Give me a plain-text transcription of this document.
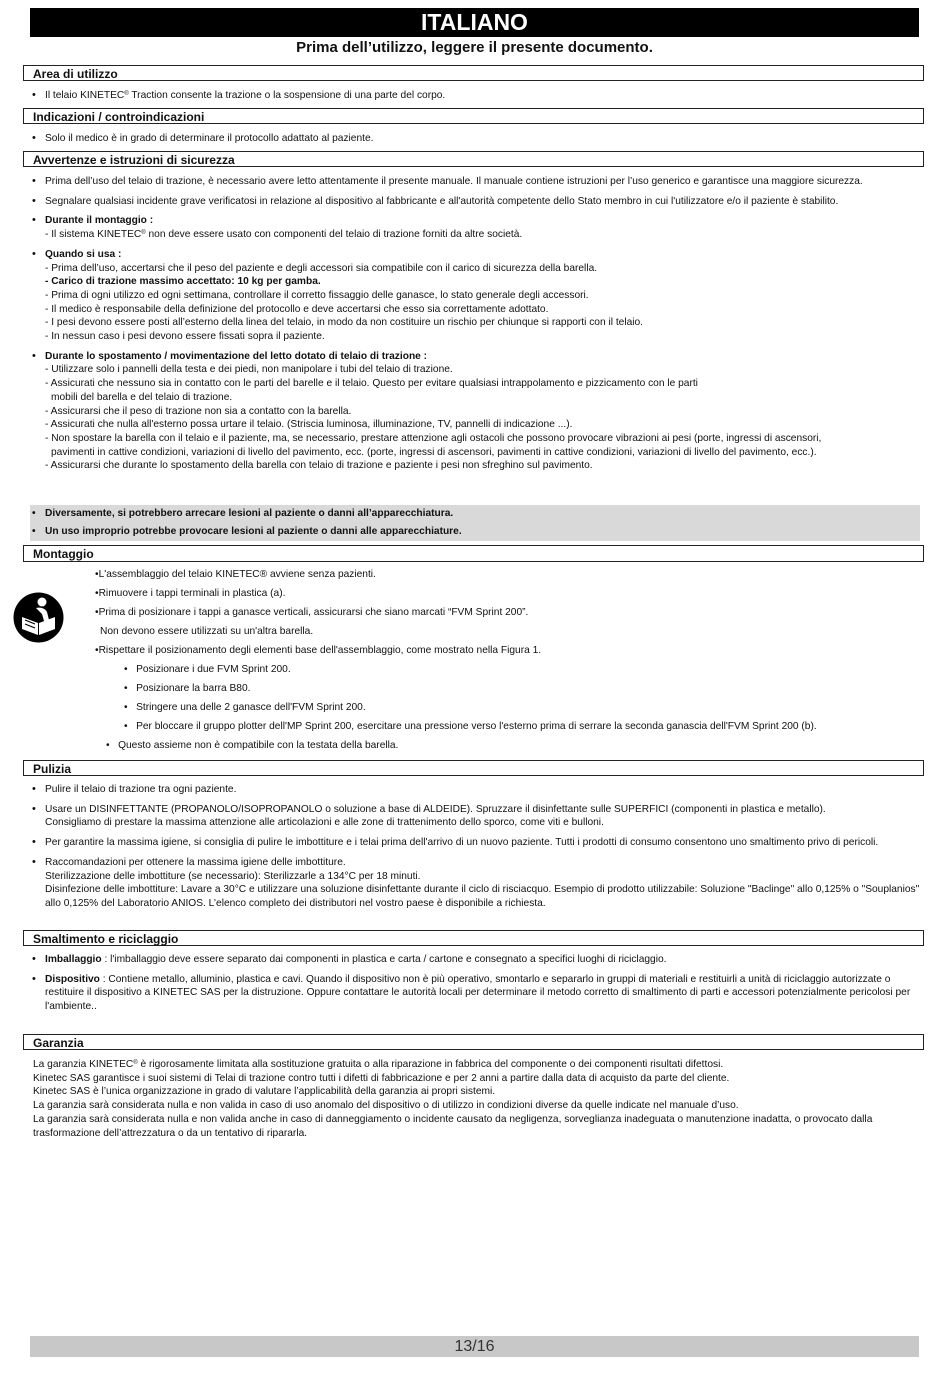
ITALIANO
Prima dell’utilizzo, leggere il presente documento.
Area di utilizzo
• Il telaio KINETEC® Traction consente la trazione o la sospensione di una parte del corpo.
Indicazioni / controindicazioni
• Solo il medico è in grado di determinare il protocollo adattato al paziente.
Avvertenze e istruzioni di sicurezza
• Prima dell’uso del telaio di trazione, è necessario avere letto attentamente il presente manuale. Il manuale contiene istruzioni per l’uso generico e garantisce una maggiore sicurezza.
• Segnalare qualsiasi incidente grave verificatosi in relazione al dispositivo al fabbricante e all'autorità competente dello Stato membro in cui l'utilizzatore e/o il paziente è stabilito.
• Durante il montaggio :
- Il sistema KINETEC® non deve essere usato con componenti del telaio di trazione forniti da altre società.
• Quando si usa :
- Prima dell’uso, accertarsi che il peso del paziente e degli accessori sia compatibile con il carico di sicurezza della barella.
- Carico di trazione massimo accettato: 10 kg per gamba.
- Prima di ogni utilizzo ed ogni settimana, controllare il corretto fissaggio delle ganasce, lo stato generale degli accessori.
- Il medico è responsabile della definizione del protocollo e deve accertarsi che esso sia correttamente adottato.
- I pesi devono essere posti all’esterno della linea del telaio, in modo da non costituire un rischio per chiunque si rapporti con il telaio.
- In nessun caso i pesi devono essere fissati sopra il paziente.
• Durante lo spostamento / movimentazione del letto dotato di telaio di trazione :
- Utilizzare solo i pannelli della testa e dei piedi, non manipolare i tubi del telaio di trazione.
- Assicurati che nessuno sia in contatto con le parti del barelle e il telaio. Questo per evitare qualsiasi intrappolamento e pizzicamento con le parti
mobili del barella e del telaio di trazione.
- Assicurarsi che il peso di trazione non sia a contatto con la barella.
- Assicurati che nulla all'esterno possa urtare il telaio. (Striscia luminosa, illuminazione, TV, pannelli di indicazione ...).
- Non spostare la barella con il telaio e il paziente, ma, se necessario, prestare attenzione agli ostacoli che possono provocare vibrazioni ai pesi (porte, ingressi di ascensori,
pavimenti in cattive condizioni, variazioni di livello del pavimento, ecc. (porte, ingressi di ascensori, pavimenti in cattive condizioni, variazioni di livello del pavimento, ecc.).
- Assicurarsi che durante lo spostamento della barella con telaio di trazione e paziente i pesi non sfreghino sul pavimento.
• Diversamente, si potrebbero arrecare lesioni al paziente o danni all’apparecchiatura.
• Un uso improprio potrebbe provocare lesioni al paziente o danni alle apparecchiature.
Montaggio
•L'assemblaggio del telaio KINETEC® avviene senza pazienti.
•Rimuovere i tappi terminali in plastica (a).
•Prima di posizionare i tappi a ganasce verticali, assicurarsi che siano marcati “FVM Sprint 200”.
Non devono essere utilizzati su un'altra barella.
•Rispettare il posizionamento degli elementi base dell'assemblaggio, come mostrato nella Figura 1.
•   Posizionare i due FVM Sprint 200.
•   Posizionare la barra B80.
•   Stringere una delle 2 ganasce dell'FVM Sprint 200.
•   Per bloccare il gruppo plotter dell'MP Sprint 200, esercitare una pressione verso l'esterno prima di serrare la seconda ganascia dell'FVM Sprint 200 (b).
•   Questo assieme non è compatibile con la testata della barella.
Pulizia
• Pulire il telaio di trazione tra ogni paziente.
• Usare un DISINFETTANTE (PROPANOLO/ISOPROPANOLO o soluzione a base di ALDEIDE). Spruzzare il disinfettante sulle SUPERFICI (componenti in plastica e metallo).
Consigliamo di prestare la massima attenzione alle articolazioni e alle zone di trattenimento dello sporco, come viti e bulloni.
• Per garantire la massima igiene, si consiglia di pulire le imbottiture e i telai prima dell'arrivo di un nuovo paziente. Tutti i prodotti di consumo consentono uno smaltimento privo di pericoli.
• Raccomandazioni per ottenere la massima igiene delle imbottiture.
Sterilizzazione delle imbottiture (se necessario): Sterilizzarle a 134°C per 18 minuti.
Disinfezione delle imbottiture: Lavare a 30°C e utilizzare una soluzione disinfettante durante il ciclo di risciacquo. Esempio di prodotto utilizzabile: Soluzione "Baclinge" allo 0,125% o "Souplanios" allo 0,125% del Laboratorio ANIOS. L’elenco completo dei distributori nel vostro paese è disponibile a richiesta.
Smaltimento e riciclaggio
• Imballaggio : l'imballaggio deve essere separato dai componenti in plastica e carta / cartone e consegnato a specifici luoghi di riciclaggio.
• Dispositivo : Contiene metallo, alluminio, plastica e cavi. Quando il dispositivo non è più operativo, smontarlo e separarlo in gruppi di materiali e restituirli a unità di riciclaggio autorizzate o restituire il dispositivo a KINETEC SAS per la distruzione. Oppure contattare le autorità locali per determinare il metodo corretto di smaltimento di parti e accessori potenzialmente pericolosi per l'ambiente..
Garanzia

La garanzia KINETEC® è rigorosamente limitata alla sostituzione gratuita o alla riparazione in fabbrica del componente o dei componenti risultati difettosi.

Kinetec SAS garantisce i suoi sistemi di Telai di trazione contro tutti i difetti di fabbricazione e per 2 anni a partire dalla data di acquisto da parte del cliente.

Kinetec SAS è l’unica organizzazione in grado di valutare l’applicabilità della garanzia ai propri sistemi.

La garanzia sarà considerata nulla e non valida in caso di uso anomalo del dispositivo o di utilizzo in condizioni diverse da quelle indicate nel manuale d’uso.

La garanzia sarà considerata nulla e non valida anche in caso di danneggiamento o incidente causato da negligenza, sorveglianza inadeguata o manutenzione inadatta, o provocato dalla trasformazione dell’attrezzatura o da un tentativo di ripararla.

13/16
